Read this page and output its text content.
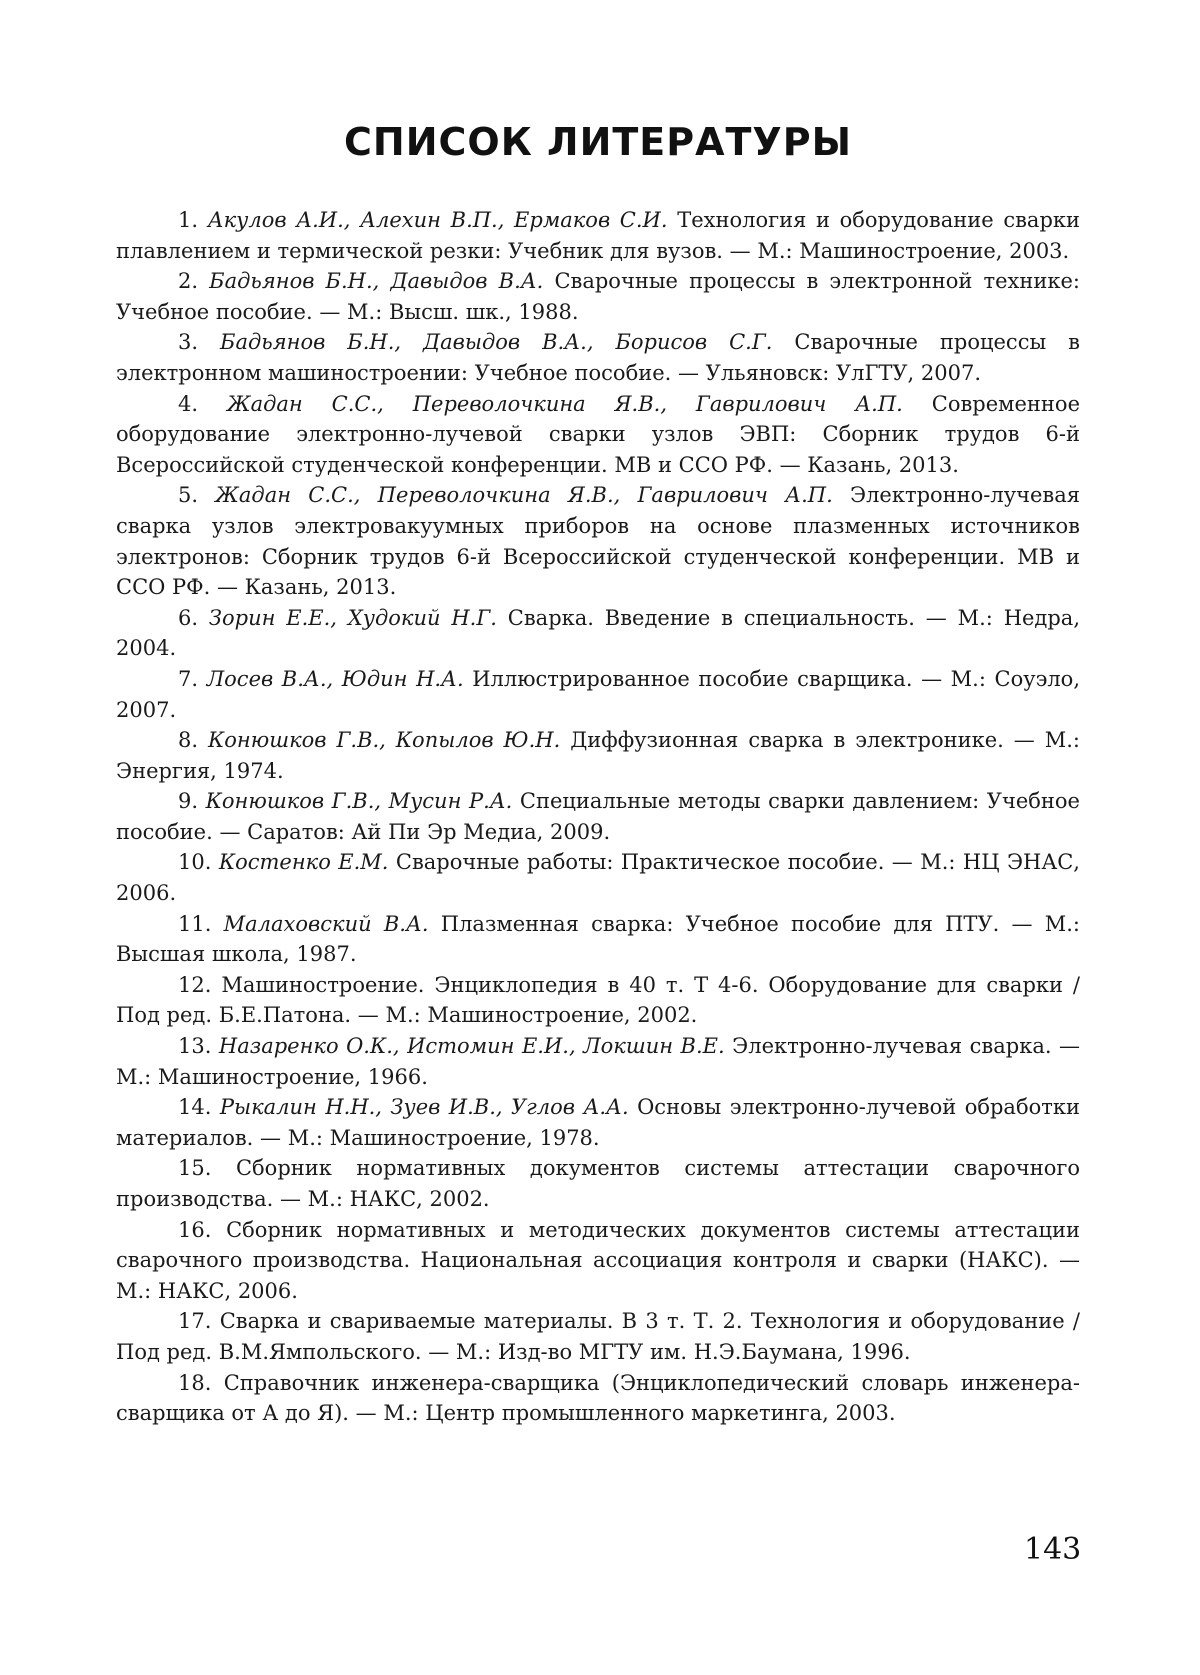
СПИСОК ЛИТЕРАТУРЫ
1. Акулов А.И., Алехин В.П., Ермаков С.И. Технология и оборудование сварки плавлением и термической резки: Учебник для вузов. — М.: Машиностроение, 2003.
2. Бадьянов Б.Н., Давыдов В.А. Сварочные процессы в электронной технике: Учебное пособие. — М.: Высш. шк., 1988.
3. Бадьянов Б.Н., Давыдов В.А., Борисов С.Г. Сварочные процессы в электронном машиностроении: Учебное пособие. — Ульяновск: УлГТУ, 2007.
4. Жадан С.С., Переволочкина Я.В., Гаврилович А.П. Современное оборудование электронно-лучевой сварки узлов ЭВП: Сборник трудов 6-й Всероссийской студенческой конференции. МВ и ССО РФ. — Казань, 2013.
5. Жадан С.С., Переволочкина Я.В., Гаврилович А.П. Электронно-лучевая сварка узлов электровакуумных приборов на основе плазменных источников электронов: Сборник трудов 6-й Всероссийской студенческой конференции. МВ и ССО РФ. — Казань, 2013.
6. Зорин Е.Е., Худокий Н.Г. Сварка. Введение в специальность. — М.: Недра, 2004.
7. Лосев В.А., Юдин Н.А. Иллюстрированное пособие сварщика. — М.: Соуэло, 2007.
8. Конюшков Г.В., Копылов Ю.Н. Диффузионная сварка в электронике. — М.: Энергия, 1974.
9. Конюшков Г.В., Мусин Р.А. Специальные методы сварки давлением: Учебное пособие. — Саратов: Ай Пи Эр Медиа, 2009.
10. Костенко Е.М. Сварочные работы: Практическое пособие. — М.: НЦ ЭНАС, 2006.
11. Малаховский В.А. Плазменная сварка: Учебное пособие для ПТУ. — М.: Высшая школа, 1987.
12. Машиностроение. Энциклопедия в 40 т. Т 4-6. Оборудование для сварки / Под ред. Б.Е.Патона. — М.: Машиностроение, 2002.
13. Назаренко О.К., Истомин Е.И., Локшин В.Е. Электронно-лучевая сварка. — М.: Машиностроение, 1966.
14. Рыкалин Н.Н., Зуев И.В., Углов А.А. Основы электронно-лучевой обработки материалов. — М.: Машиностроение, 1978.
15. Сборник нормативных документов системы аттестации сварочного производства. — М.: НАКС, 2002.
16. Сборник нормативных и методических документов системы аттестации сварочного производства. Национальная ассоциация контроля и сварки (НАКС). — М.: НАКС, 2006.
17. Сварка и свариваемые материалы. В 3 т. Т. 2. Технология и оборудование / Под ред. В.М.Ямпольского. — М.: Изд-во МГТУ им. Н.Э.Баумана, 1996.
18. Справочник инженера-сварщика (Энциклопедический словарь инженера-сварщика от А до Я). — М.: Центр промышленного маркетинга, 2003.
143
